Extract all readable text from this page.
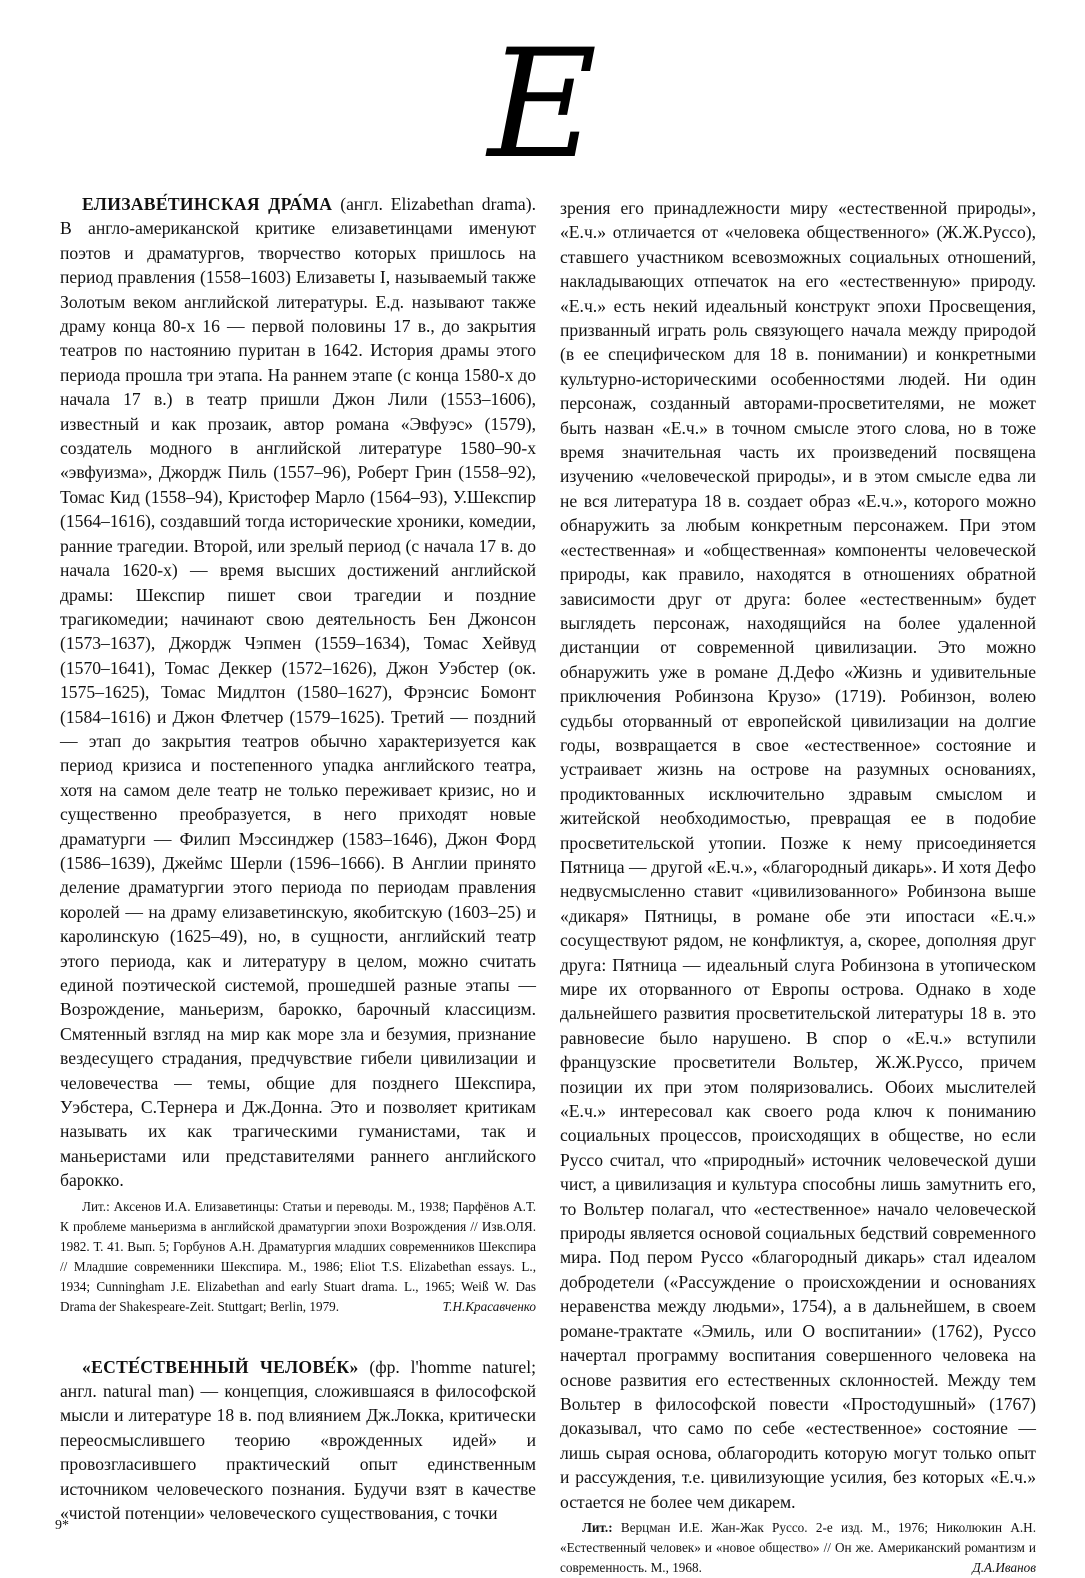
Е

ЕЛИЗАВЕ́ТИНСКАЯ ДРА́МА (англ. Elizabethan drama). В англо-американской критике елизаветинцами именуют поэтов и драматургов, творчество которых пришлось на период правления (1558–1603) Елизаветы I, называемый также Золотым веком английской литературы. Е.д. называют также драму конца 80-х 16 — первой половины 17 в., до закрытия театров по настоянию пуритан в 1642. История драмы этого периода прошла три этапа. На раннем этапе (с конца 1580-х до начала 17 в.) в театр пришли Джон Лили (1553–1606), известный и как прозаик, автор романа «Эвфуэс» (1579), создатель модного в английской литературе 1580–90-х «эвфуизма», Джордж Пиль (1557–96), Роберт Грин (1558–92), Томас Кид (1558–94), Кристофер Марло (1564–93), У.Шекспир (1564–1616), создавший тогда исторические хроники, комедии, ранние трагедии. Второй, или зрелый период (с начала 17 в. до начала 1620-х) — время высших достижений английской драмы: Шекспир пишет свои трагедии и поздние трагикомедии; начинают свою деятельность Бен Джонсон (1573–1637), Джордж Чэпмен (1559–1634), Томас Хейвуд (1570–1641), Томас Деккер (1572–1626), Джон Уэбстер (ок. 1575–1625), Томас Мидлтон (1580–1627), Фрэнсис Бомонт (1584–1616) и Джон Флетчер (1579–1625). Третий — поздний — этап до закрытия театров обычно характеризуется как период кризиса и постепенного упадка английского театра, хотя на самом деле театр не только переживает кризис, но и существенно преобразуется, в него приходят новые драматурги — Филип Мэссинджер (1583–1646), Джон Форд (1586–1639), Джеймс Шерли (1596–1666). В Англии принято деление драматургии этого периода по периодам правления королей — на драму елизаветинскую, якобитскую (1603–25) и каролинскую (1625–49), но, в сущности, английский театр этого периода, как и литературу в целом, можно считать единой поэтической системой, прошедшей разные этапы — Возрождение, маньеризм, барокко, барочный классицизм. Смятенный взгляд на мир как море зла и безумия, признание вездесущего страдания, предчувствие гибели цивилизации и человечества — темы, общие для позднего Шекспира, Уэбстера, С.Тернера и Дж.Донна. Это и позволяет критикам называть их как трагическими гуманистами, так и маньеристами или представителями раннего английского барокко.

Лит.: Аксенов И.А. Елизаветинцы: Статьи и переводы. М., 1938; Парфёнов А.Т. К проблеме маньеризма в английской драматургии эпохи Возрождения // Изв.ОЛЯ. 1982. Т. 41. Вып. 5; Горбунов А.Н. Драматургия младших современников Шекспира // Младшие современники Шекспира. М., 1986; Eliot T.S. Elizabethan essays. L., 1934; Cunningham J.E. Elizabethan and early Stuart drama. L., 1965; Weiß W. Das Drama der Shakespeare-Zeit. Stuttgart; Berlin, 1979.	Т.Н.Красавченко

«ЕСТЕ́СТВЕННЫЙ ЧЕЛОВЕ́К» (фр. l'homme naturel; англ. natural man) — концепция, сложившаяся в философской мысли и литературе 18 в. под влиянием Дж.Локка, критически переосмыслившего теорию «врожденных идей» и провозгласившего практический опыт единственным источником человеческого познания. Будучи взят в качестве «чистой потенции» человеческого существования, с точки

зрения его принадлежности миру «естественной природы», «Е.ч.» отличается от «человека общественного» (Ж.Ж.Руссо), ставшего участником всевозможных социальных отношений, накладывающих отпечаток на его «естественную» природу. «Е.ч.» есть некий идеальный конструкт эпохи Просвещения, призванный играть роль связующего начала между природой (в ее специфическом для 18 в. понимании) и конкретными культурно-историческими особенностями людей. Ни один персонаж, созданный авторами-просветителями, не может быть назван «Е.ч.» в точном смысле этого слова, но в тоже время значительная часть их произведений посвящена изучению «человеческой природы», и в этом смысле едва ли не вся литература 18 в. создает образ «Е.ч.», которого можно обнаружить за любым конкретным персонажем. При этом «естественная» и «общественная» компоненты человеческой природы, как правило, находятся в отношениях обратной зависимости друг от друга: более «естественным» будет выглядеть персонаж, находящийся на более удаленной дистанции от современной цивилизации. Это можно обнаружить уже в романе Д.Дефо «Жизнь и удивительные приключения Робинзона Крузо» (1719). Робинзон, волею судьбы оторванный от европейской цивилизации на долгие годы, возвращается в свое «естественное» состояние и устраивает жизнь на острове на разумных основаниях, продиктованных исключительно здравым смыслом и житейской необходимостью, превращая ее в подобие просветительской утопии. Позже к нему присоединяется Пятница — другой «Е.ч.», «благородный дикарь». И хотя Дефо недвусмысленно ставит «цивилизованного» Робинзона выше «дикаря» Пятницы, в романе обе эти ипостаси «Е.ч.» сосуществуют рядом, не конфликтуя, а, скорее, дополняя друг друга: Пятница — идеальный слуга Робинзона в утопическом мире их оторванного от Европы острова. Однако в ходе дальнейшего развития просветительской литературы 18 в. это равновесие было нарушено. В спор о «Е.ч.» вступили французские просветители Вольтер, Ж.Ж.Руссо, причем позиции их при этом поляризовались. Обоих мыслителей «Е.ч.» интересовал как своего рода ключ к пониманию социальных процессов, происходящих в обществе, но если Руссо считал, что «природный» источник человеческой души чист, а цивилизация и культура способны лишь замутнить его, то Вольтер полагал, что «естественное» начало человеческой природы является основой социальных бедствий современного мира. Под пером Руссо «благородный дикарь» стал идеалом добродетели («Рассуждение о происхождении и основаниях неравенства между людьми», 1754), а в дальнейшем, в своем романе-трактате «Эмиль, или О воспитании» (1762), Руссо начертал программу воспитания совершенного человека на основе развития его естественных склонностей. Между тем Вольтер в философской повести «Простодушный» (1767) доказывал, что само по себе «естественное» состояние — лишь сырая основа, облагородить которую могут только опыт и рассуждения, т.е. цивилизующие усилия, без которых «Е.ч.» остается не более чем дикарем.

Лит.: Верцман И.Е. Жан-Жак Руссо. 2-е изд. М., 1976; Николюкин А.Н. «Естественный человек» и «новое общество» // Он же. Американский романтизм и современность. М., 1968.	Д.А.Иванов

9*
